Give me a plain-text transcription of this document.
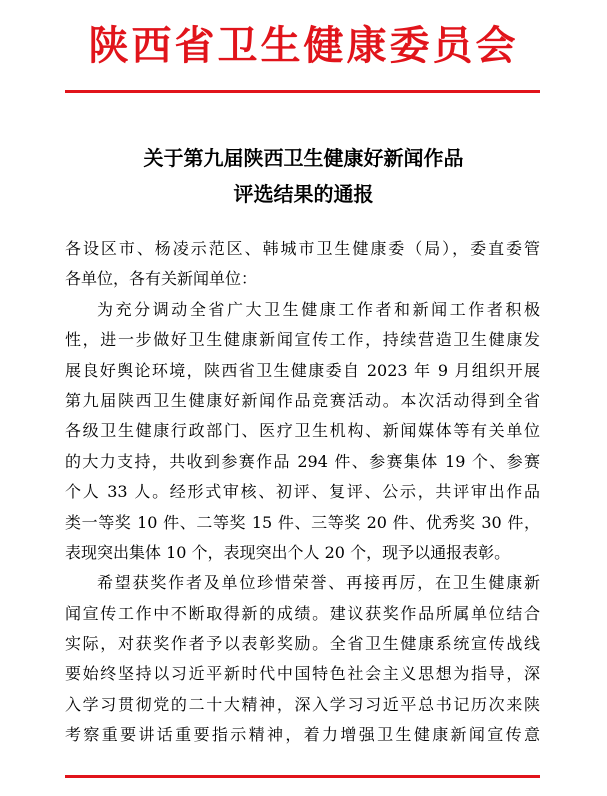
陕西省卫生健康委员会
关于第九届陕西卫生健康好新闻作品
评选结果的通报
各设区市、杨凌示范区、韩城市卫生健康委（局），委直委管
各单位，各有关新闻单位：
为充分调动全省广大卫生健康工作者和新闻工作者积极
性，进一步做好卫生健康新闻宣传工作，持续营造卫生健康发
展良好舆论环境，陕西省卫生健康委自 2023 年 9 月组织开展
第九届陕西卫生健康好新闻作品竞赛活动。本次活动得到全省
各级卫生健康行政部门、医疗卫生机构、新闻媒体等有关单位
的大力支持，共收到参赛作品 294 件、参赛集体 19 个、参赛
个人 33 人。经形式审核、初评、复评、公示，共评审出作品
类一等奖 10 件、二等奖 15 件、三等奖 20 件、优秀奖 30 件，
表现突出集体 10 个，表现突出个人 20 个，现予以通报表彰。
希望获奖作者及单位珍惜荣誉、再接再厉，在卫生健康新
闻宣传工作中不断取得新的成绩。建议获奖作品所属单位结合
实际，对获奖作者予以表彰奖励。全省卫生健康系统宣传战线
要始终坚持以习近平新时代中国特色社会主义思想为指导，深
入学习贯彻党的二十大精神，深入学习习近平总书记历次来陕
考察重要讲话重要指示精神，着力增强卫生健康新闻宣传意
